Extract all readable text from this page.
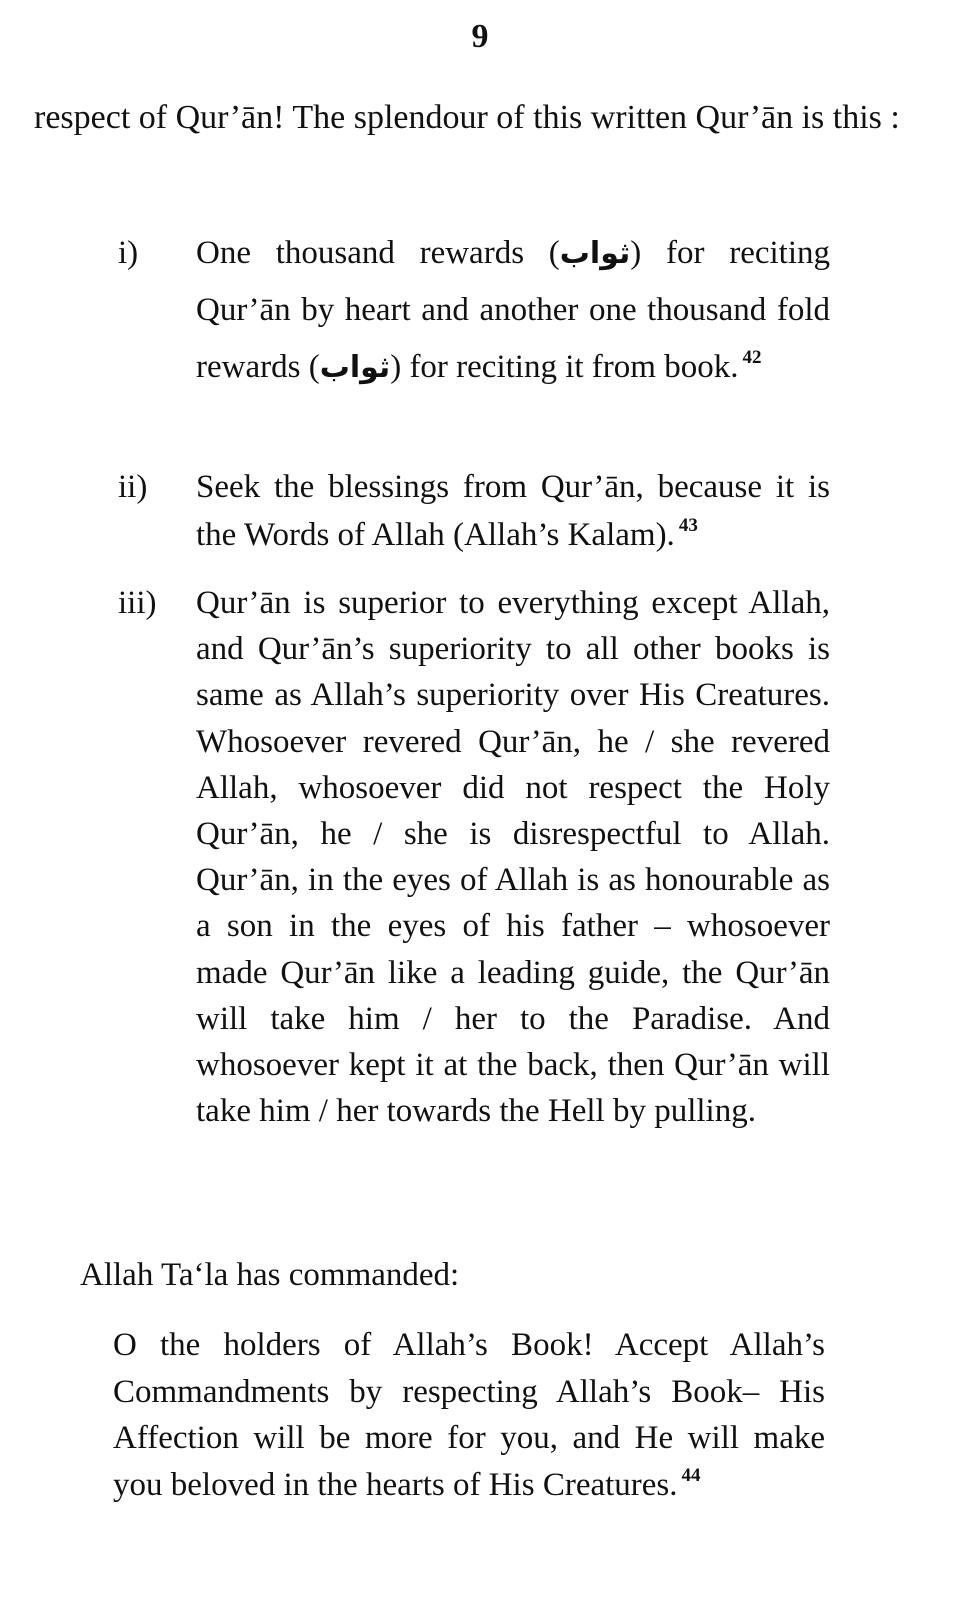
9

respect of Qur’ān! The splendour of this written Qur’ān is this :

i)	One thousand rewards (ثواب) for reciting Qur’ān by heart and another one thousand fold rewards (ثواب) for reciting it from book. $^{42}$
ii)	Seek the blessings from Qur’ān, because it is the Words of Allah (Allah’s Kalam). $^{43}$
iii)	Qur’ān is superior to everything except Allah, and Qur’ān’s superiority to all other books is same as Allah’s superiority over His Creatures. Whosoever revered Qur’ān, he / she revered Allah, whosoever did not respect the Holy Qur’ān, he / she is disrespectful to Allah. Qur’ān, in the eyes of Allah is as honourable as a son in the eyes of his father – whosoever made Qur’ān like a leading guide, the Qur’ān will take him / her to the Paradise. And whosoever kept it at the back, then Qur’ān will take him / her towards the Hell by pulling.
Allah Ta‘la has commanded:
O the holders of Allah’s Book! Accept Allah’s Commandments by respecting Allah’s Book– His Affection will be more for you, and He will make you beloved in the hearts of His Creatures. $^{44}$
